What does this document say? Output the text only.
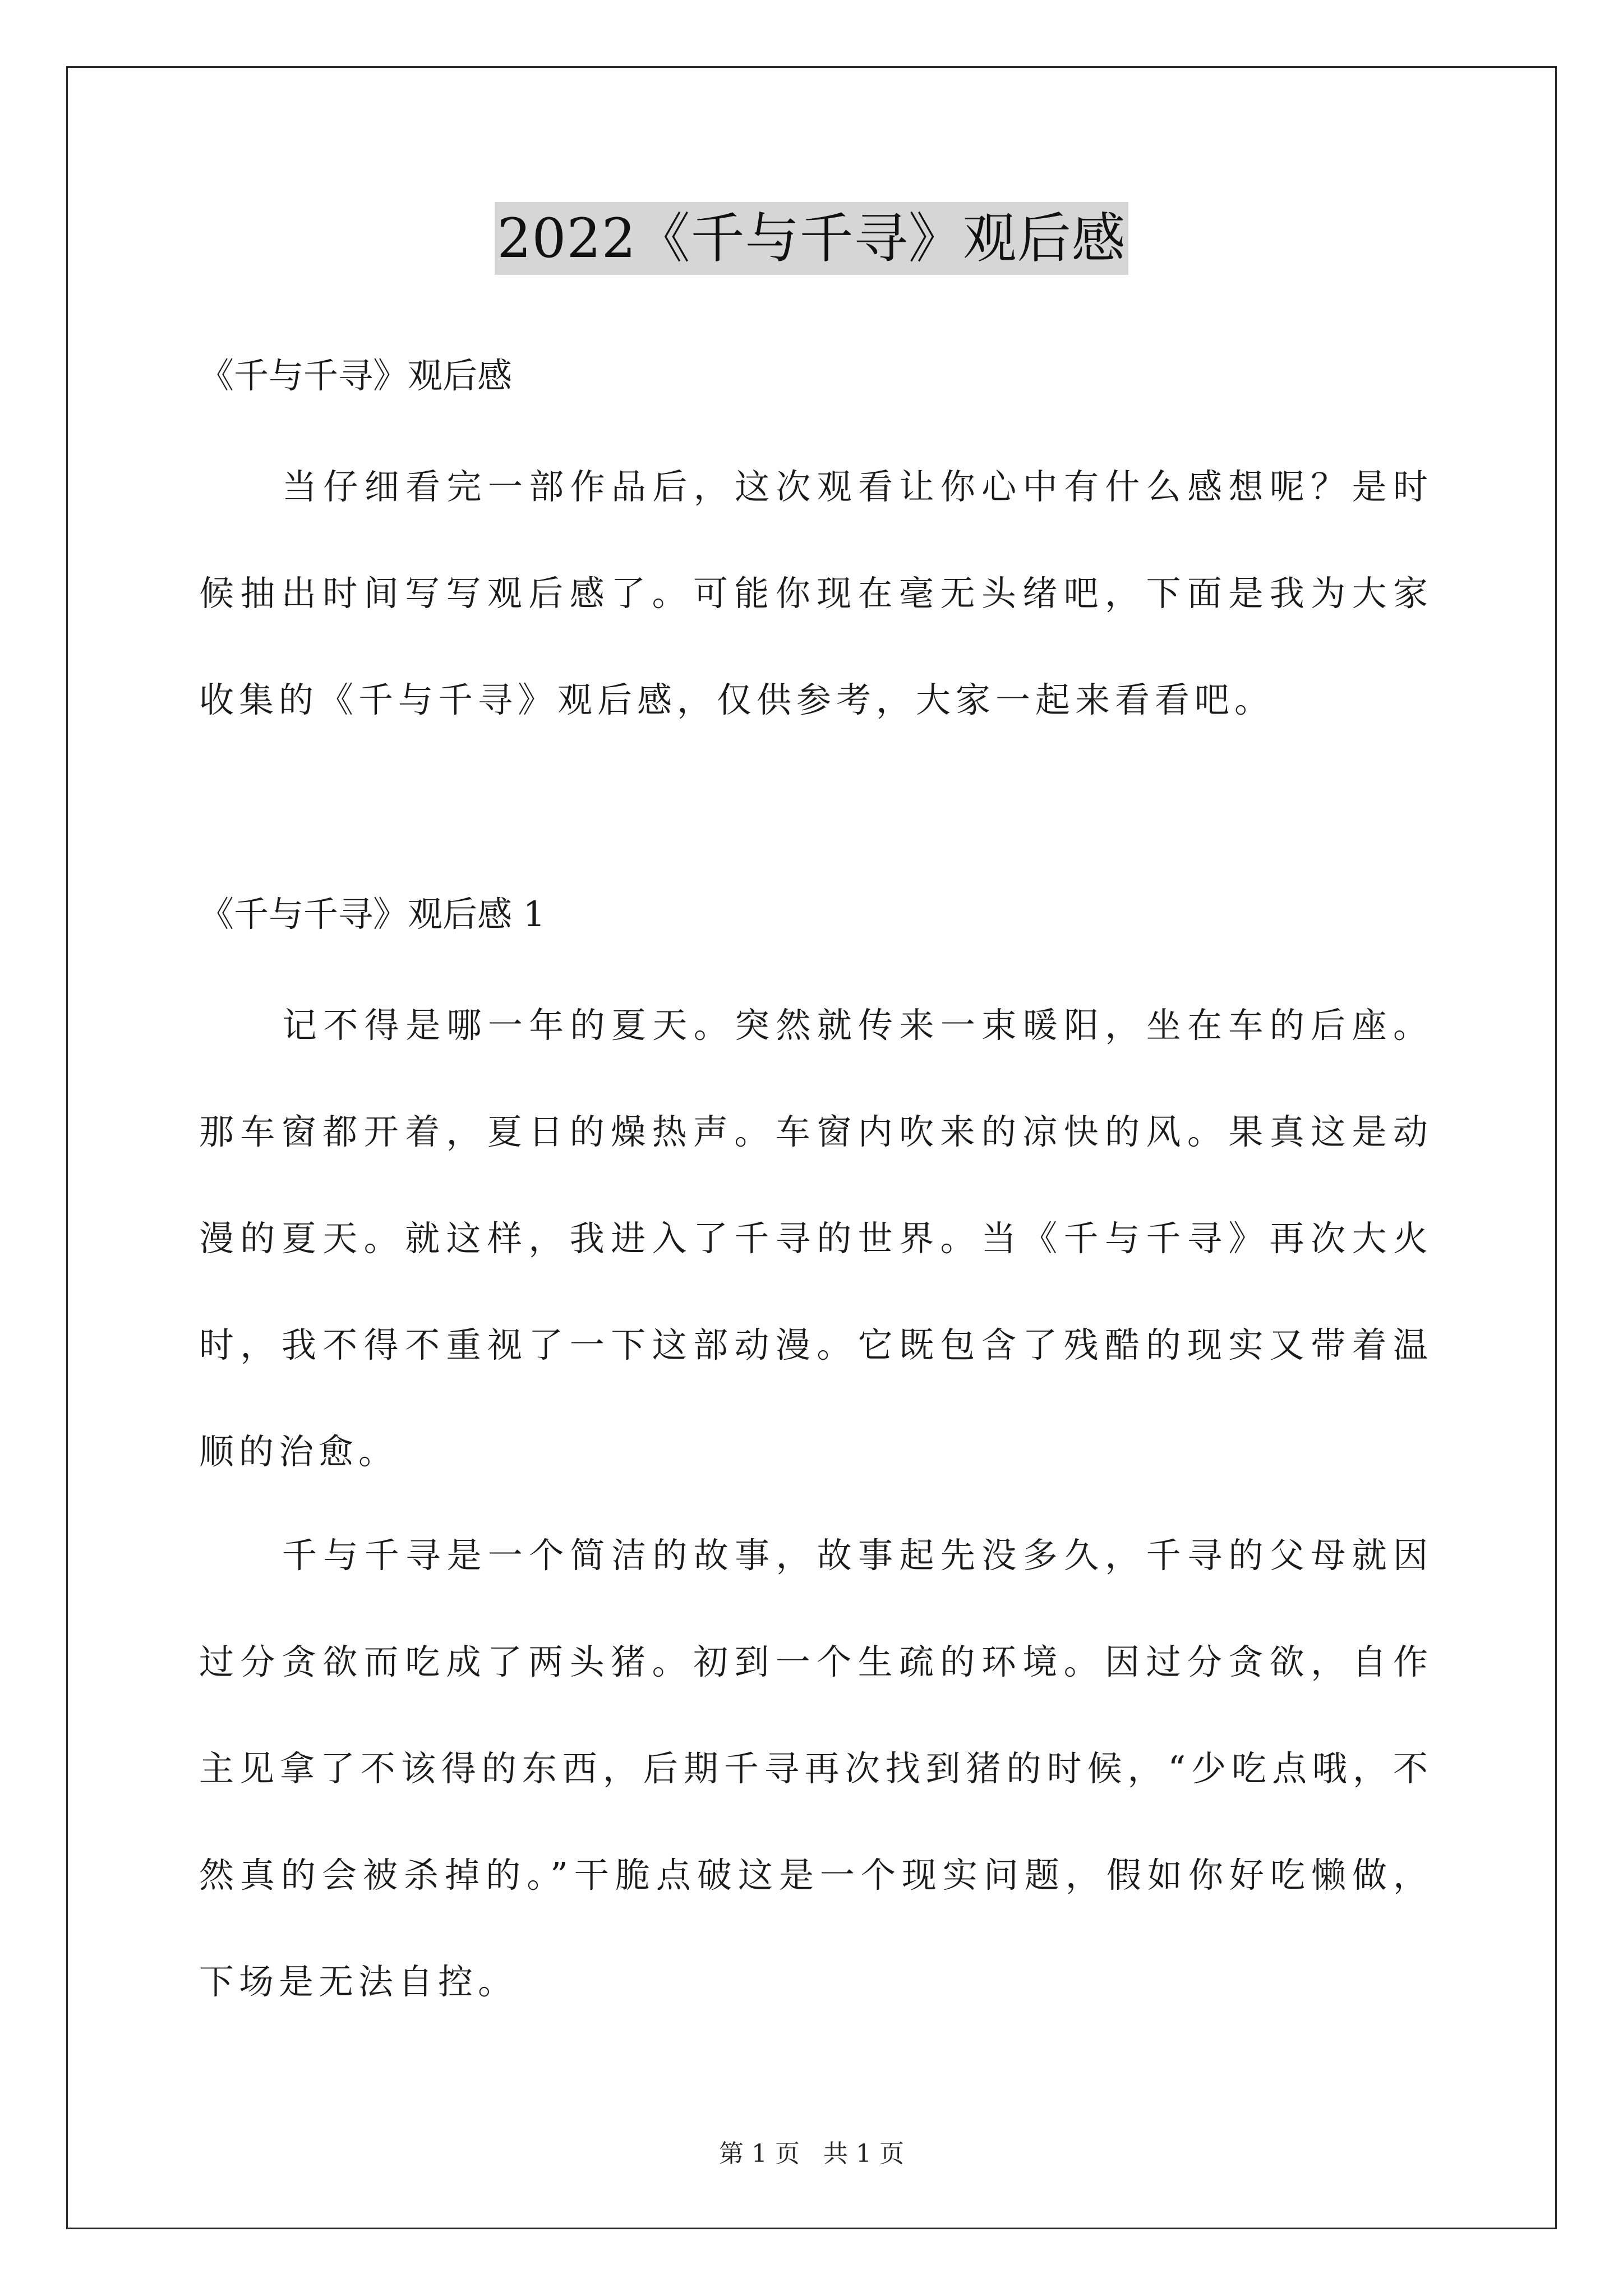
2022《千与千寻》观后感
《千与千寻》观后感
当仔细看完一部作品后，这次观看让你心中有什么感想呢？是时候抽出时间写写观后感了。可能你现在毫无头绪吧，下面是我为大家收集的《千与千寻》观后感，仅供参考，大家一起来看看吧。
《千与千寻》观后感 1
记不得是哪一年的夏天。突然就传来一束暖阳，坐在车的后座。那车窗都开着，夏日的燥热声。车窗内吹来的凉快的风。果真这是动漫的夏天。就这样，我进入了千寻的世界。当《千与千寻》再次大火时，我不得不重视了一下这部动漫。它既包含了残酷的现实又带着温顺的治愈。
千与千寻是一个简洁的故事，故事起先没多久，千寻的父母就因过分贪欲而吃成了两头猪。初到一个生疏的环境。因过分贪欲，自作主见拿了不该得的东西，后期千寻再次找到猪的时候，“少吃点哦，不然真的会被杀掉的。”干脆点破这是一个现实问题，假如你好吃懒做，下场是无法自控。
第 1 页   共 1 页
